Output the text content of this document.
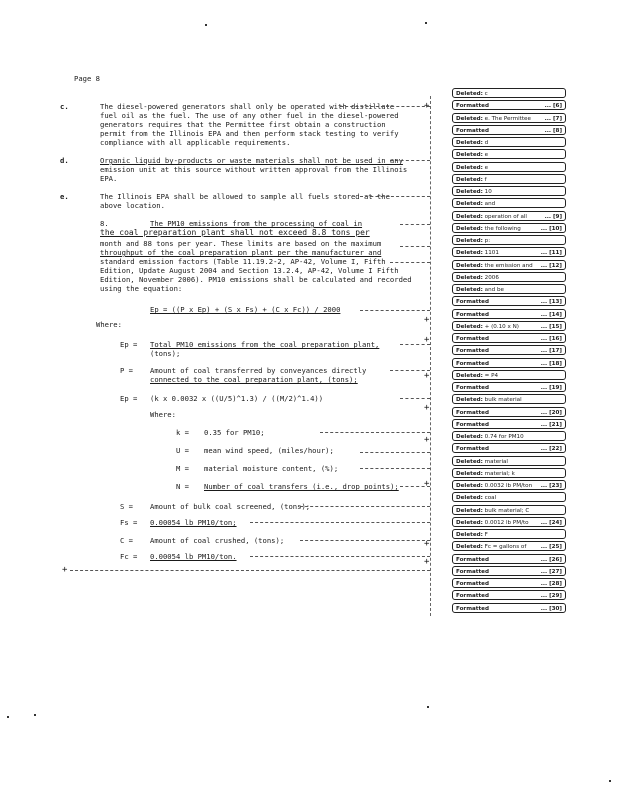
Page 8
c.	The diesel-powered generators shall only be operated with distillate
fuel oil as the fuel. The use of any other fuel in the diesel-powered
generators requires that the Permittee first obtain a construction
permit from the Illinois EPA and then perform stack testing to verify
compliance with all applicable requirements.
d.	Organic liquid by-products or waste materials shall not be used in any
emission unit at this source without written approval from the Illinois
EPA.
e.	The Illinois EPA shall be allowed to sample all fuels stored at the
above location.
8.	The PM10 emissions from the processing of coal in
the coal preparation plant shall not exceed 8.8 tons per
month and 88 tons per year. These limits are based on the maximum
throughput of the coal preparation plant per the manufacturer and
standard emission factors (Table 11.19.2-2, AP-42, Volume I, Fifth
Edition, Update August 2004 and Section 13.2.4, AP-42, Volume I Fifth
Edition, November 2006). PM10 emissions shall be calculated and recorded
using the equation:
Ep = ((P x Ep) + (S x Fs) + (C x Fc)) / 2000
Where:
Ep = Total PM10 emissions from the coal preparation plant,
(tons);
P = Amount of coal transferred by conveyances directly
connected to the coal preparation plant, (tons);
Ep = (k x 0.0032 x ((U/5)^1.3) / ((M/2)^1.4))
Where:
k = 0.35 for PM10;
U = mean wind speed, (miles/hour);
M = material moisture content, (%);
N = Number of coal transfers (i.e., drop points);
S = Amount of bulk coal screened, (tons);
Fs = 0.00054 lb PM10/ton;
C = Amount of coal crushed, (tons);
Fc = 0.00054 lb PM10/ton.
+
+
+
+
+
+
+
+
+
+
Deleted: c
Formatted	... [6]
Deleted: e. The Permittee ... [7]
Formatted	... [8]
Deleted: d
Deleted: e
Deleted: e
Deleted: f
Deleted: 10
Deleted: and
Deleted: operation of all	... [9]
Deleted: the following	... [10]
Deleted: p:
Deleted: 1101	... [11]
Deleted: the emission and ... [12]
Deleted: 2006
Deleted: and be
Formatted	... [13]
Formatted	... [14]
Deleted: + (0.10 x N)	... [15]
Formatted	... [16]
Formatted	... [17]
Formatted	... [18]
Deleted: = P4
Formatted	... [19]
Deleted: bulk material
Formatted	... [20]
Formatted	... [21]
Deleted: 0.74 for PM10
Formatted	... [22]
Deleted: material
Deleted: material; k
Deleted: 0.0032 lb PM/ton ... [23]
Deleted: coal
Deleted: bulk material; C
Deleted: 0.0012 lb PM/to ... [24]
Deleted: F
Deleted: Fc = gallons of	... [25]
Formatted	... [26]
Formatted	... [27]
Formatted	... [28]
Formatted	... [29]
Formatted	... [30]
